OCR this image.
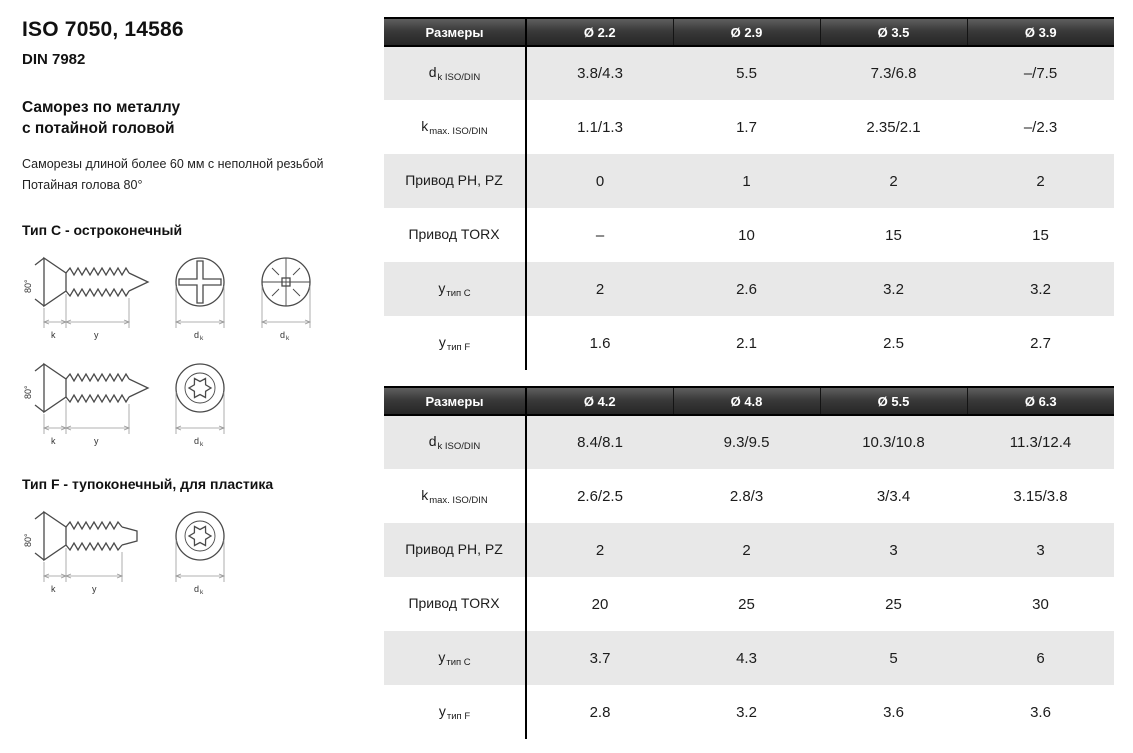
ISO 7050, 14586
DIN 7982
Саморез по металлу
с потайной головой
Саморезы длиной более 60 мм с неполной резьбой
Потайная голова 80°
Тип C - остроконечный
80°
k	y	d k	d k
80°
k	y	d k
Тип F - тупоконечный, для пластика
80°
k	y	d k
Размеры	Ø 2.2	Ø 2.9	Ø 3.5	Ø 3.9
$d_{k ISO/DIN}$	3.8/4.3	5.5	7.3/6.8	–/7.5
$k_{max. ISO/DIN}$	1.1/1.3	1.7	2.35/2.1	–/2.3
Привод PH, PZ	0	1	2	2
Привод TORX	–	10	15	15
$y_{тип C}$	2	2.6	3.2	3.2
$y_{тип F}$	1.6	2.1	2.5	2.7
Размеры	Ø 4.2	Ø 4.8	Ø 5.5	Ø 6.3
$d_{k ISO/DIN}$	8.4/8.1	9.3/9.5	10.3/10.8	11.3/12.4
$k_{max. ISO/DIN}$	2.6/2.5	2.8/3	3/3.4	3.15/3.8
Привод PH, PZ	2	2	3	3
Привод TORX	20	25	25	30
$y_{тип C}$	3.7	4.3	5	6
$y_{тип F}$	2.8	3.2	3.6	3.6
